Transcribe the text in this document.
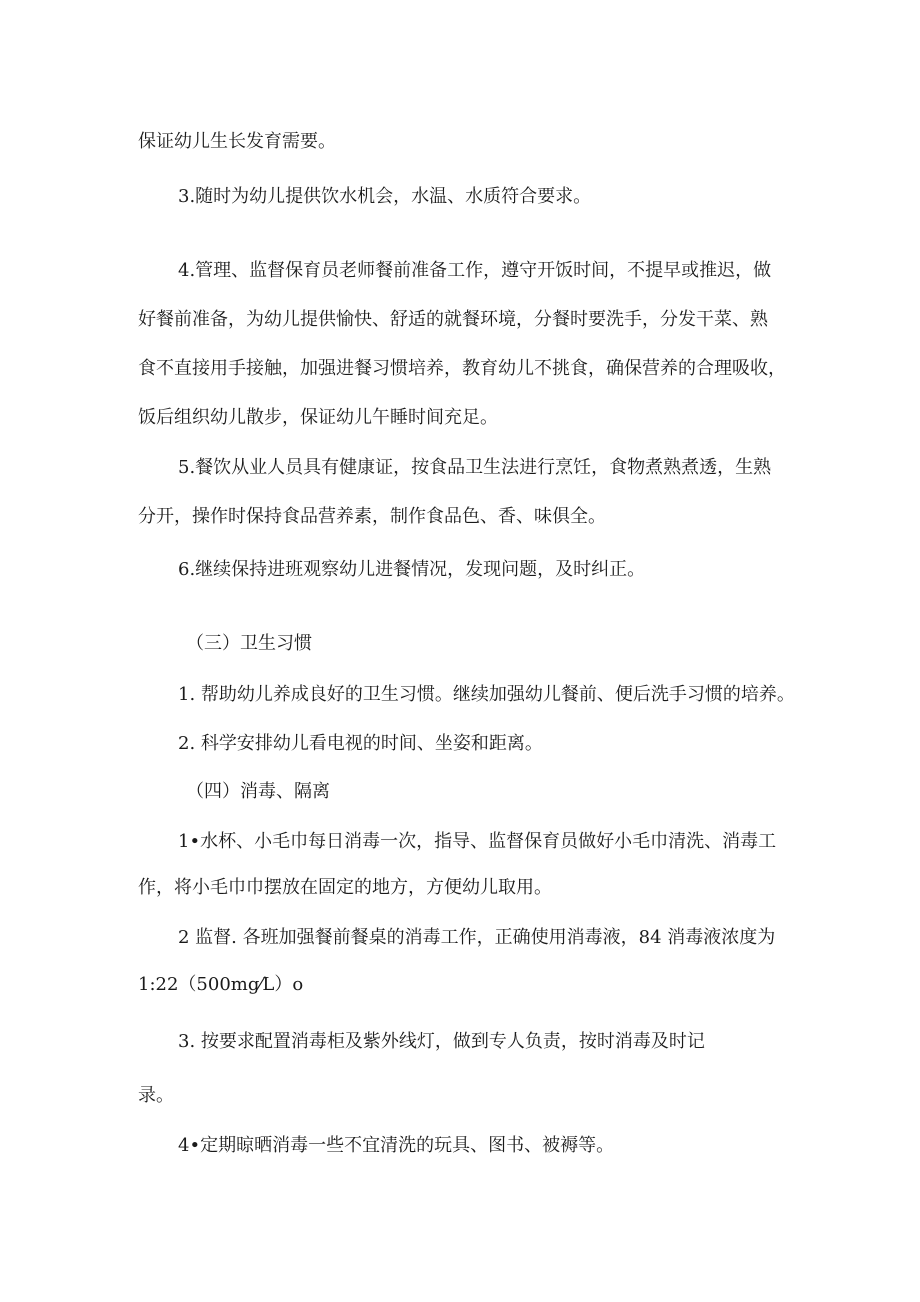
保证幼儿生长发育需要。

3.随时为幼儿提供饮水机会，水温、水质符合要求。

4.管理、监督保育员老师餐前准备工作，遵守开饭时间，不提早或推迟，做

好餐前准备，为幼儿提供愉快、舒适的就餐环境，分餐时要洗手，分发干菜、熟

食不直接用手接触，加强进餐习惯培养，教育幼儿不挑食，确保营养的合理吸收，

饭后组织幼儿散步，保证幼儿午睡时间充足。

5.餐饮从业人员具有健康证，按食品卫生法进行烹饪，食物煮熟煮透，生熟

分开，操作时保持食品营养素，制作食品色、香、味俱全。

6.继续保持进班观察幼儿进餐情况，发现问题，及时纠正。

（三）卫生习惯

1. 帮助幼儿养成良好的卫生习惯。继续加强幼儿餐前、便后洗手习惯的培养。

2. 科学安排幼儿看电视的时间、坐姿和距离。

（四）消毒、隔离

1•水杯、小毛巾每日消毒一次，指导、监督保育员做好小毛巾清洗、消毒工

作，将小毛巾巾摆放在固定的地方，方便幼儿取用。

2 监督. 各班加强餐前餐桌的消毒工作，正确使用消毒液，84 消毒液浓度为

1:22（500mg⁄L）o

3. 按要求配置消毒柜及紫外线灯，做到专人负责，按时消毒及时记

录。

4•定期晾晒消毒一些不宜清洗的玩具、图书、被褥等。
